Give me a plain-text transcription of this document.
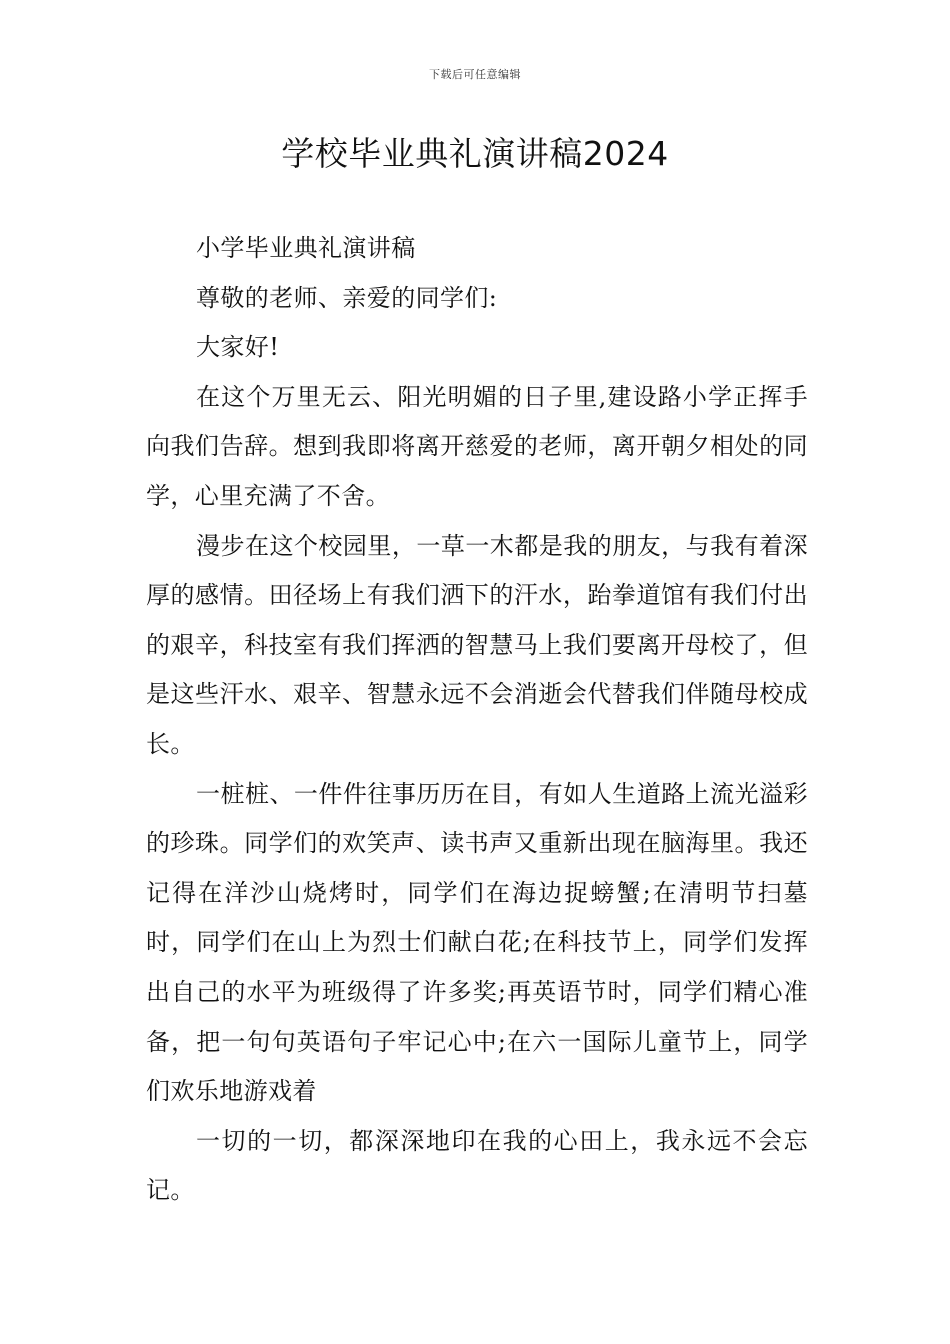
下载后可任意编辑
学校毕业典礼演讲稿2024

小学毕业典礼演讲稿

尊敬的老师、亲爱的同学们:

大家好!

在这个万里无云、阳光明媚的日子里,建设路小学正挥手向我们告辞。想到我即将离开慈爱的老师，离开朝夕相处的同学，心里充满了不舍。

漫步在这个校园里，一草一木都是我的朋友，与我有着深厚的感情。田径场上有我们洒下的汗水，跆拳道馆有我们付出的艰辛，科技室有我们挥洒的智慧马上我们要离开母校了，但是这些汗水、艰辛、智慧永远不会消逝会代替我们伴随母校成长。

一桩桩、一件件往事历历在目，有如人生道路上流光溢彩的珍珠。同学们的欢笑声、读书声又重新出现在脑海里。我还记得在洋沙山烧烤时，同学们在海边捉螃蟹;在清明节扫墓时，同学们在山上为烈士们献白花;在科技节上，同学们发挥出自己的水平为班级得了许多奖;再英语节时，同学们精心准备，把一句句英语句子牢记心中;在六一国际儿童节上，同学们欢乐地游戏着

一切的一切，都深深地印在我的心田上，我永远不会忘记。
